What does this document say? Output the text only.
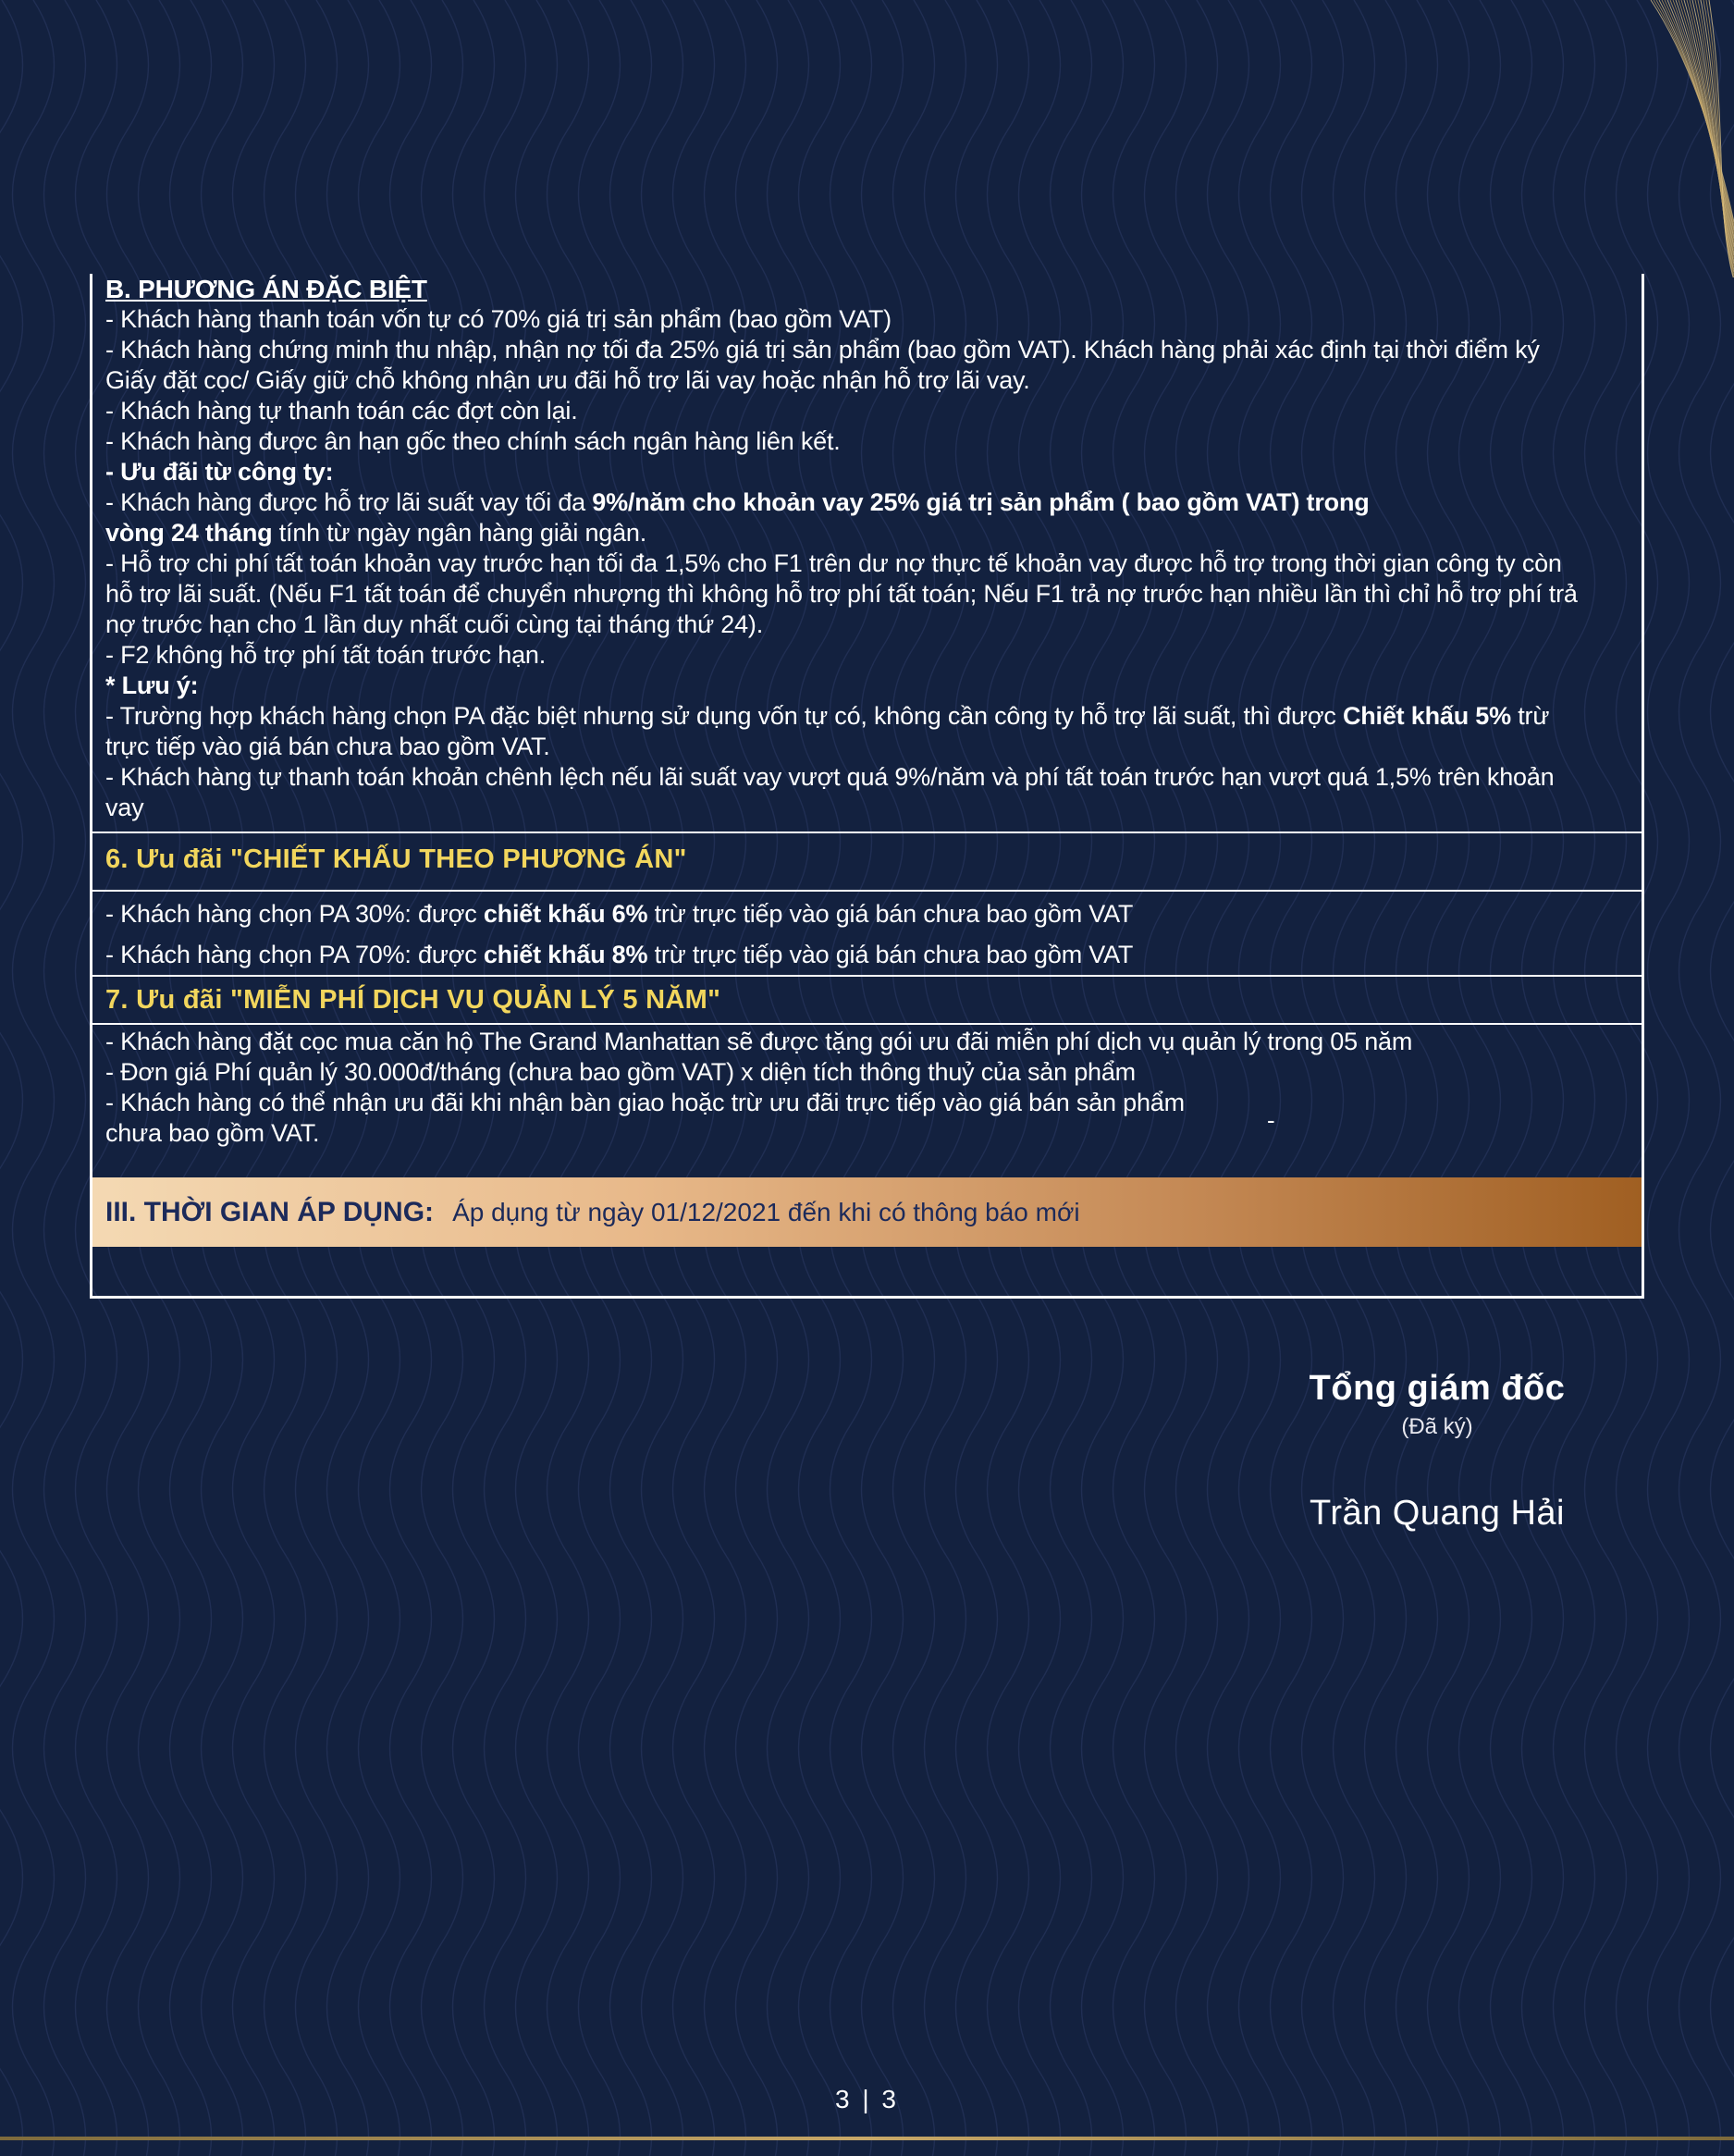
B. PHƯƠNG ÁN ĐẶC BIỆT
- Khách hàng thanh toán vốn tự có 70% giá trị sản phẩm (bao gồm VAT)
- Khách hàng chứng minh thu nhập, nhận nợ tối đa 25% giá trị sản phẩm (bao gồm VAT). Khách hàng phải xác định tại thời điểm ký
Giấy đặt cọc/ Giấy giữ chỗ không nhận ưu đãi hỗ trợ lãi vay hoặc nhận hỗ trợ lãi vay.
- Khách hàng tự thanh toán các đợt còn lại.
- Khách hàng được ân hạn gốc theo chính sách ngân hàng liên kết.
- Ưu đãi từ công ty:
- Khách hàng được hỗ trợ lãi suất vay tối đa 9%/năm cho khoản vay 25% giá trị sản phẩm ( bao gồm VAT) trong
vòng 24 tháng tính từ ngày ngân hàng giải ngân.
- Hỗ trợ chi phí tất toán khoản vay trước hạn tối đa 1,5% cho F1 trên dư nợ thực tế khoản vay được hỗ trợ trong thời gian công ty còn
hỗ trợ lãi suất. (Nếu F1 tất toán để chuyển nhượng thì không hỗ trợ phí tất toán; Nếu F1 trả nợ trước hạn nhiều lần thì chỉ hỗ trợ phí trả
nợ trước hạn cho 1 lần duy nhất cuối cùng tại tháng thứ 24).
- F2 không hỗ trợ phí tất toán trước hạn.
* Lưu ý:
- Trường hợp khách hàng chọn PA đặc biệt nhưng sử dụng vốn tự có, không cần công ty hỗ trợ lãi suất, thì được Chiết khấu 5% trừ
trực tiếp vào giá bán chưa bao gồm VAT.
- Khách hàng tự thanh toán khoản chênh lệch nếu lãi suất vay vượt quá 9%/năm và phí tất toán trước hạn vượt quá 1,5% trên khoản
vay
6. Ưu đãi "CHIẾT KHẤU THEO PHƯƠNG ÁN"
- Khách hàng chọn PA 30%: được chiết khấu 6% trừ trực tiếp vào giá bán chưa bao gồm VAT
- Khách hàng chọn PA 70%: được chiết khấu 8% trừ trực tiếp vào giá bán chưa bao gồm VAT
7. Ưu đãi "MIỄN PHÍ DỊCH VỤ QUẢN LÝ 5 NĂM"
- Khách hàng đặt cọc mua căn hộ The Grand Manhattan sẽ được tặng gói ưu đãi miễn phí dịch vụ quản lý trong 05 năm
- Đơn giá Phí quản lý 30.000đ/tháng (chưa bao gồm VAT) x diện tích thông thuỷ của sản phẩm
- Khách hàng có thể nhận ưu đãi khi nhận bàn giao hoặc trừ ưu đãi trực tiếp vào giá bán sản phẩm
chưa bao gồm VAT.	-
III. THỜI GIAN ÁP DỤNG: Áp dụng từ ngày 01/12/2021 đến khi có thông báo mới
Tổng giám đốc
(Đã ký)
Trần Quang Hải
3 | 3
